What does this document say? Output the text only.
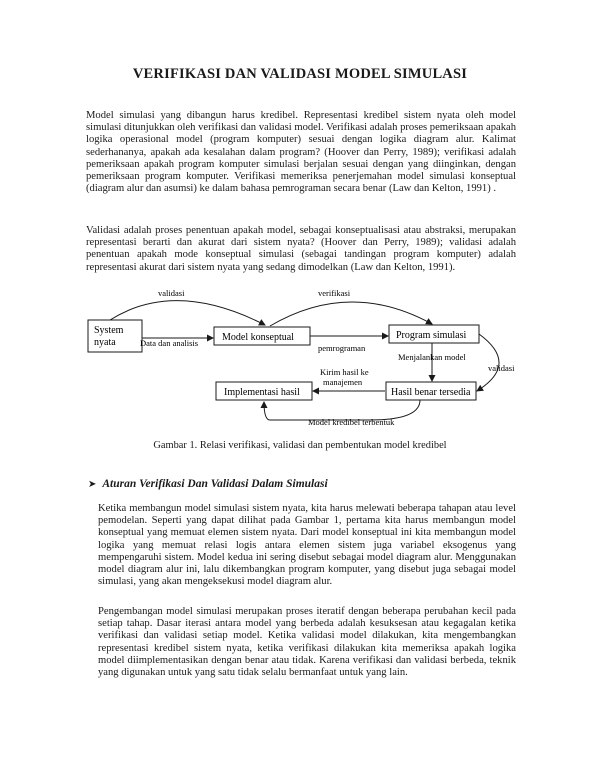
VERIFIKASI DAN VALIDASI MODEL SIMULASI

Model simulasi yang dibangun harus kredibel. Representasi kredibel sistem nyata oleh model simulasi ditunjukkan oleh verifikasi dan validasi model. Verifikasi adalah proses pemeriksaan apakah logika operasional model (program komputer) sesuai dengan logika diagram alur. Kalimat sederhananya, apakah ada kesalahan dalam program? (Hoover dan Perry, 1989); verifikasi adalah pemeriksaan apakah program komputer simulasi berjalan sesuai dengan yang diinginkan, dengan pemeriksaan program komputer. Verifikasi memeriksa penerjemahan model simulasi konseptual (diagram alur dan asumsi) ke dalam bahasa pemrograman secara benar (Law dan Kelton, 1991) .

Validasi adalah proses penentuan apakah model, sebagai konseptualisasi atau abstraksi, merupakan representasi berarti dan akurat dari sistem nyata? (Hoover dan Perry, 1989); validasi adalah penentuan apakah mode konseptual simulasi (sebagai tandingan program komputer) adalah representasi akurat dari sistem nyata yang sedang dimodelkan (Law dan Kelton, 1991).

System
nyata	Model konseptual	Program simulasi
Hasil benar tersedia
Implementasi hasil
Data dan analisis	pemrograman
Menjalankan model
Kirim hasil ke
manajemen
validasi	verifikasi
validasi
Model kredibel terbentuk
Gambar 1. Relasi verifikasi, validasi dan pembentukan model kredibel
➤ Aturan Verifikasi Dan Validasi Dalam Simulasi

Ketika membangun model simulasi sistem nyata, kita harus melewati beberapa tahapan atau level pemodelan. Seperti yang dapat dilihat pada Gambar 1, pertama kita harus membangun model konseptual yang memuat elemen sistem nyata. Dari model konseptual ini kita membangun model logika yang memuat relasi logis antara elemen sistem juga variabel eksogenus yang mempengaruhi sistem. Model kedua ini sering disebut sebagai model diagram alur. Menggunakan model diagram alur ini, lalu dikembangkan program komputer, yang disebut juga sebagai model simulasi, yang akan mengeksekusi model diagram alur.

Pengembangan model simulasi merupakan proses iteratif dengan beberapa perubahan kecil pada setiap tahap. Dasar iterasi antara model yang berbeda adalah kesuksesan atau kegagalan ketika verifikasi dan validasi setiap model. Ketika validasi model dilakukan, kita mengembangkan representasi kredibel sistem nyata, ketika verifikasi dilakukan kita memeriksa apakah logika model diimplementasikan dengan benar atau tidak. Karena verifikasi dan validasi berbeda, teknik yang digunakan untuk yang satu tidak selalu bermanfaat untuk yang lain.
